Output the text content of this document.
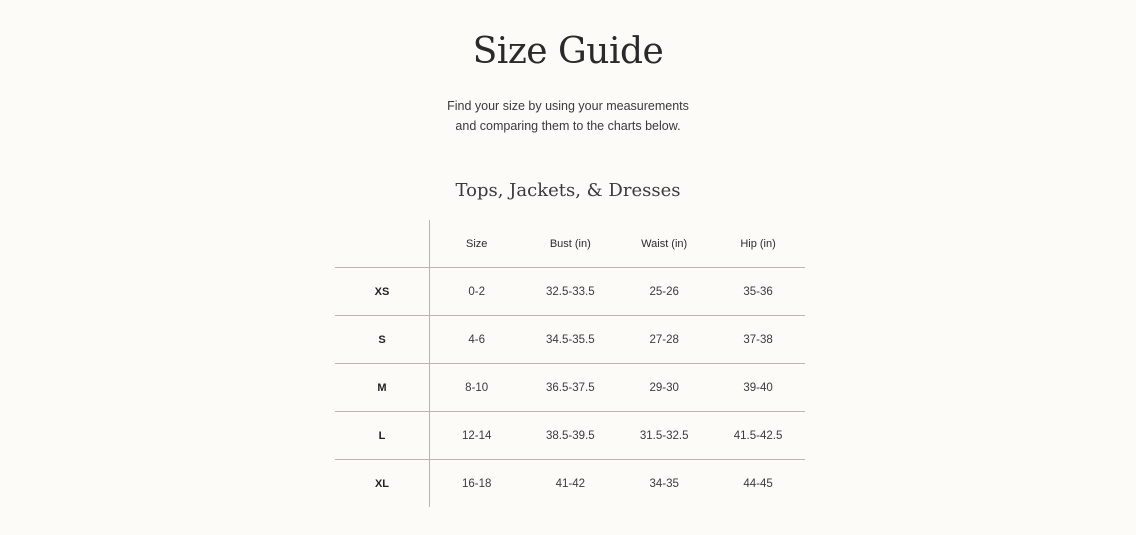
Size Guide
Find your size by using your measurements
and comparing them to the charts below.
Tops, Jackets, & Dresses
	Size	Bust (in)	Waist (in)	Hip (in)
XS	0-2	32.5-33.5	25-26	35-36
S	4-6	34.5-35.5	27-28	37-38
M	8-10	36.5-37.5	29-30	39-40
L	12-14	38.5-39.5	31.5-32.5	41.5-42.5
XL	16-18	41-42	34-35	44-45
